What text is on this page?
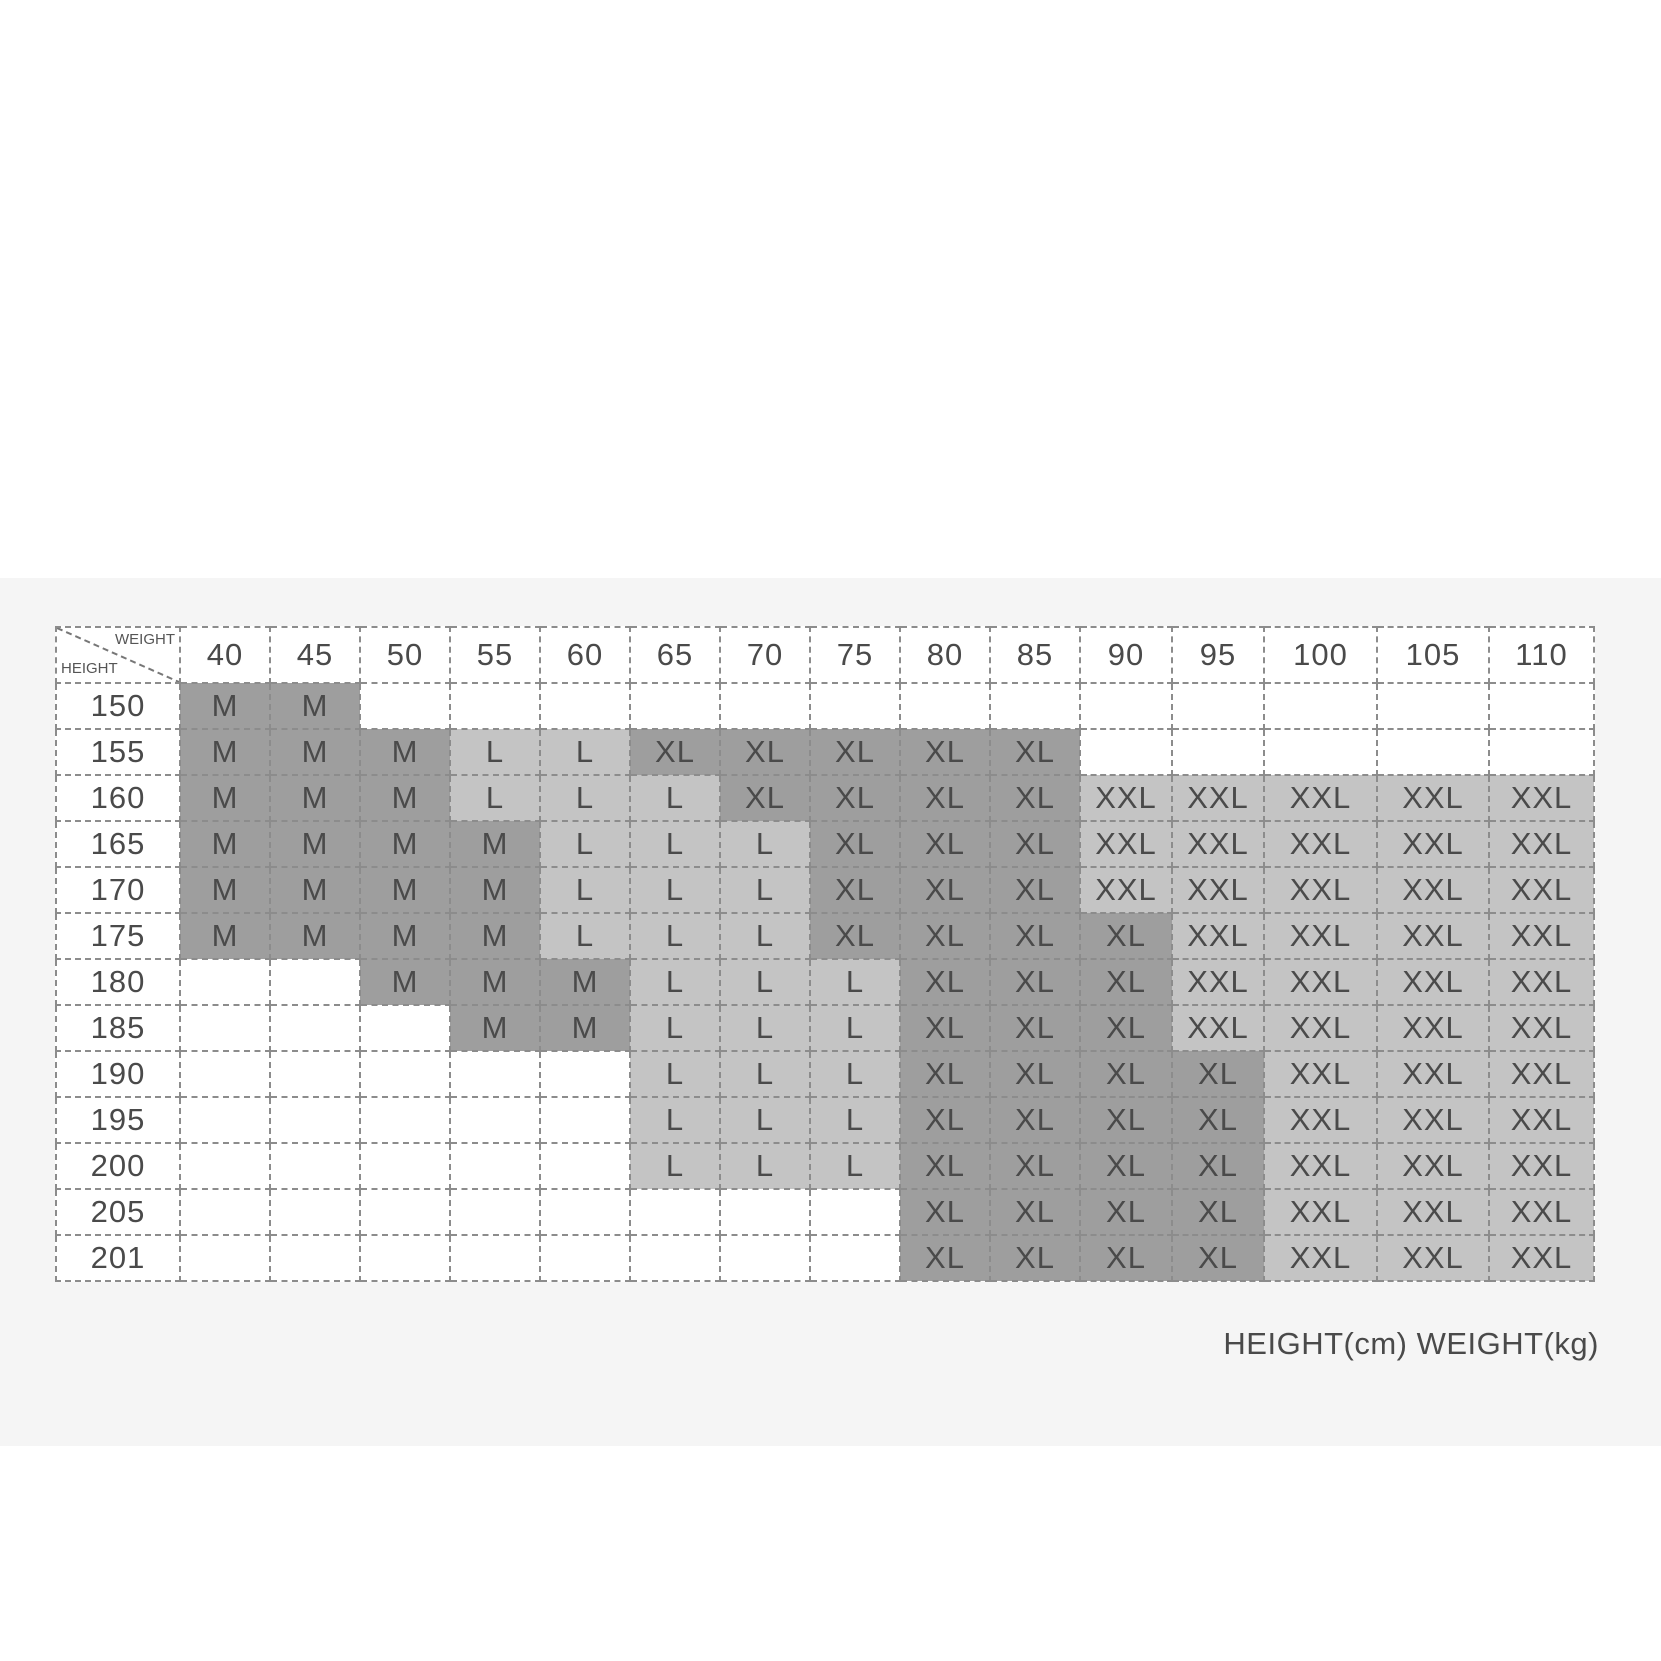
WEIGHT
HEIGHT	40	45	50	55	60	65	70	75	80	85	90	95	100	105	110
150	M	M													
155	M	M	M	L	L	XL	XL	XL	XL	XL					
160	M	M	M	L	L	L	XL	XL	XL	XL	XXL	XXL	XXL	XXL	XXL
165	M	M	M	M	L	L	L	XL	XL	XL	XXL	XXL	XXL	XXL	XXL
170	M	M	M	M	L	L	L	XL	XL	XL	XXL	XXL	XXL	XXL	XXL
175	M	M	M	M	L	L	L	XL	XL	XL	XL	XXL	XXL	XXL	XXL
180			M	M	M	L	L	L	XL	XL	XL	XXL	XXL	XXL	XXL
185				M	M	L	L	L	XL	XL	XL	XXL	XXL	XXL	XXL
190						L	L	L	XL	XL	XL	XL	XXL	XXL	XXL
195						L	L	L	XL	XL	XL	XL	XXL	XXL	XXL
200						L	L	L	XL	XL	XL	XL	XXL	XXL	XXL
205									XL	XL	XL	XL	XXL	XXL	XXL
201									XL	XL	XL	XL	XXL	XXL	XXL
HEIGHT(cm) WEIGHT(kg)
